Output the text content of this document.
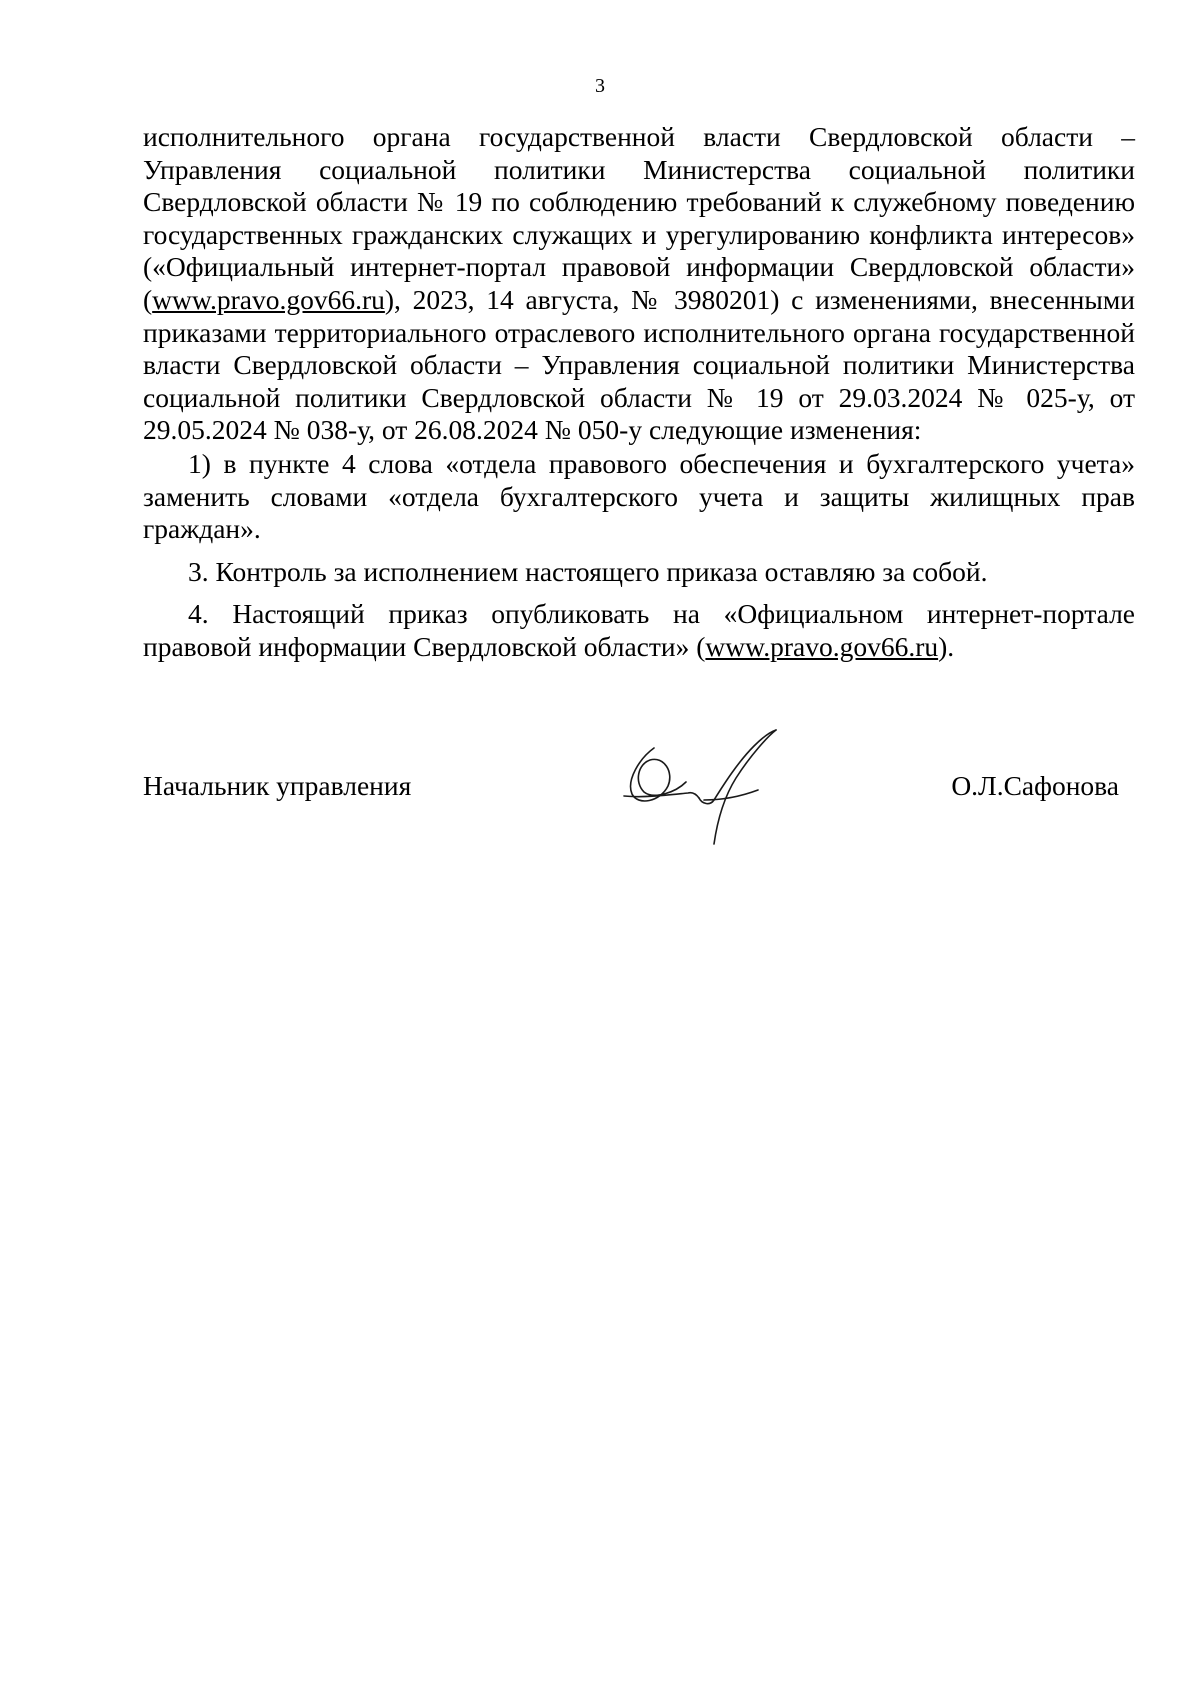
3

исполнительного органа государственной власти Свердловской области – Управления социальной политики Министерства социальной политики Свердловской области № 19 по соблюдению требований к служебному поведению государственных гражданских служащих и урегулированию конфликта интересов» («Официальный интернет-портал правовой информации Свердловской области» (www.pravo.gov66.ru), 2023, 14 августа, № 3980201) с изменениями, внесенными приказами территориального отраслевого исполнительного органа государственной власти Свердловской области – Управления социальной политики Министерства социальной политики Свердловской области № 19 от 29.03.2024 № 025-у, от 29.05.2024 № 038-у, от 26.08.2024 № 050-у следующие изменения:

1) в пункте 4 слова «отдела правового обеспечения и бухгалтерского учета» заменить словами «отдела бухгалтерского учета и защиты жилищных прав граждан».

3. Контроль за исполнением настоящего приказа оставляю за собой.

4. Настоящий приказ опубликовать на «Официальном интернет-портале правовой информации Свердловской области» (www.pravo.gov66.ru).

Начальник управления	О.Л.Сафонова
